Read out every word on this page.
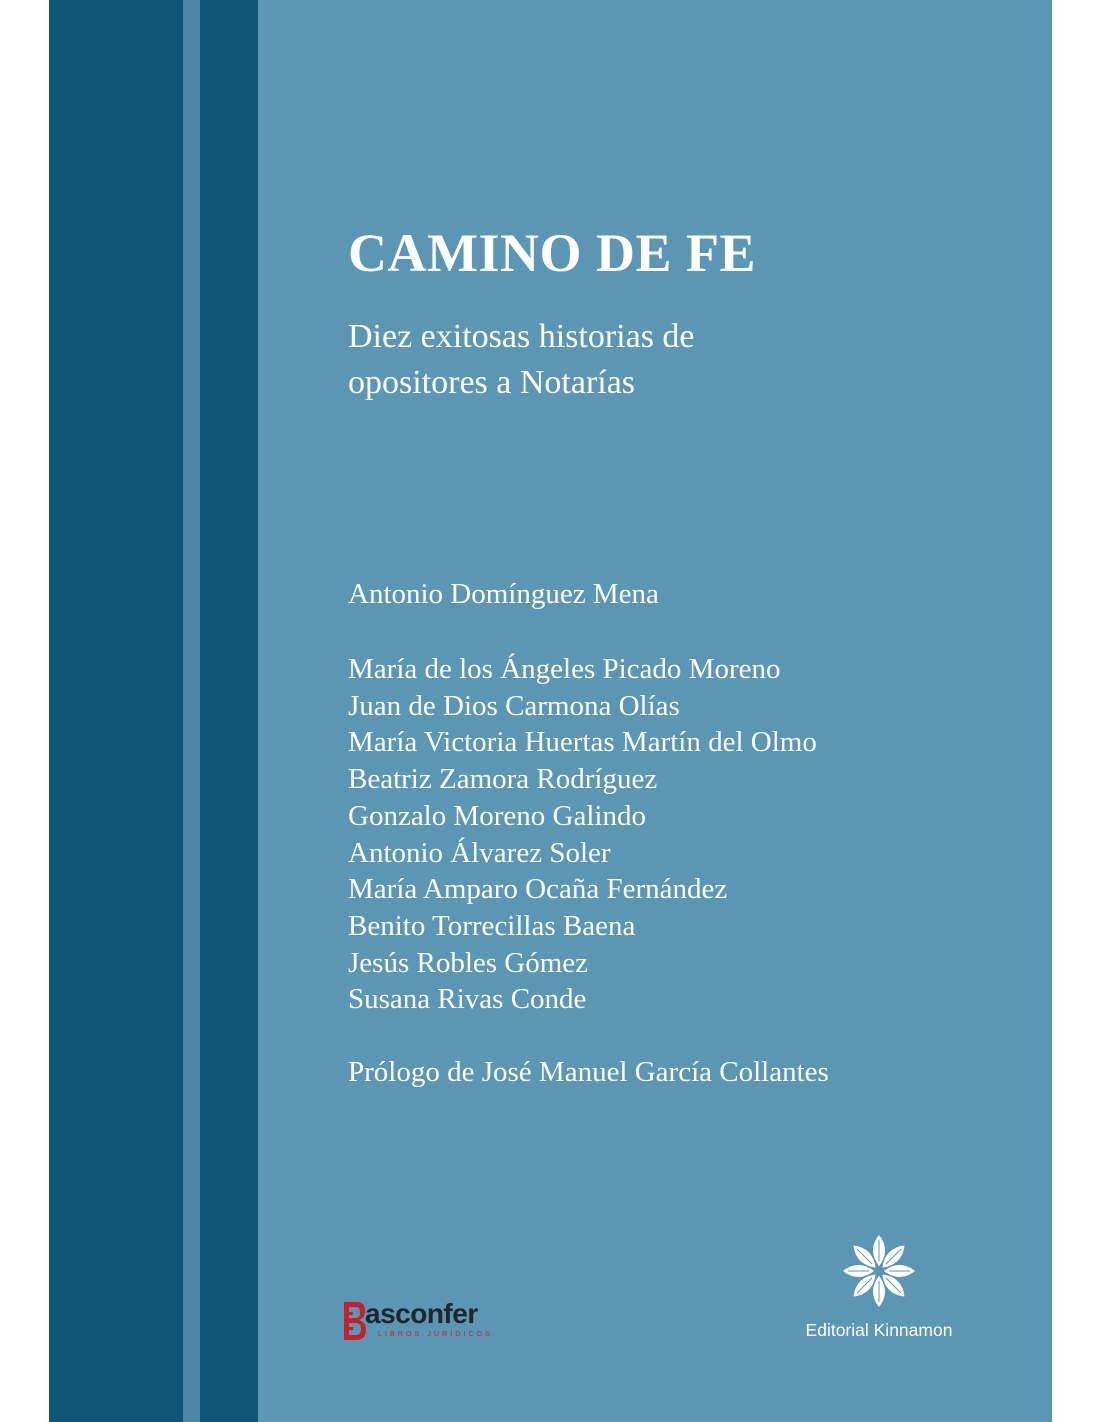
CAMINO DE FE
Diez exitosas historias de
opositores a Notarías
Antonio Domínguez Mena
María de los Ángeles Picado Moreno
Juan de Dios Carmona Olías
María Victoria Huertas Martín del Olmo
Beatriz Zamora Rodríguez
Gonzalo Moreno Galindo
Antonio Álvarez Soler
María Amparo Ocaña Fernández
Benito Torrecillas Baena
Jesús Robles Gómez
Susana Rivas Conde
Prólogo de José Manuel García Collantes
asconfer
LIBROS JURÍDICOS	Editorial Kinnamon
